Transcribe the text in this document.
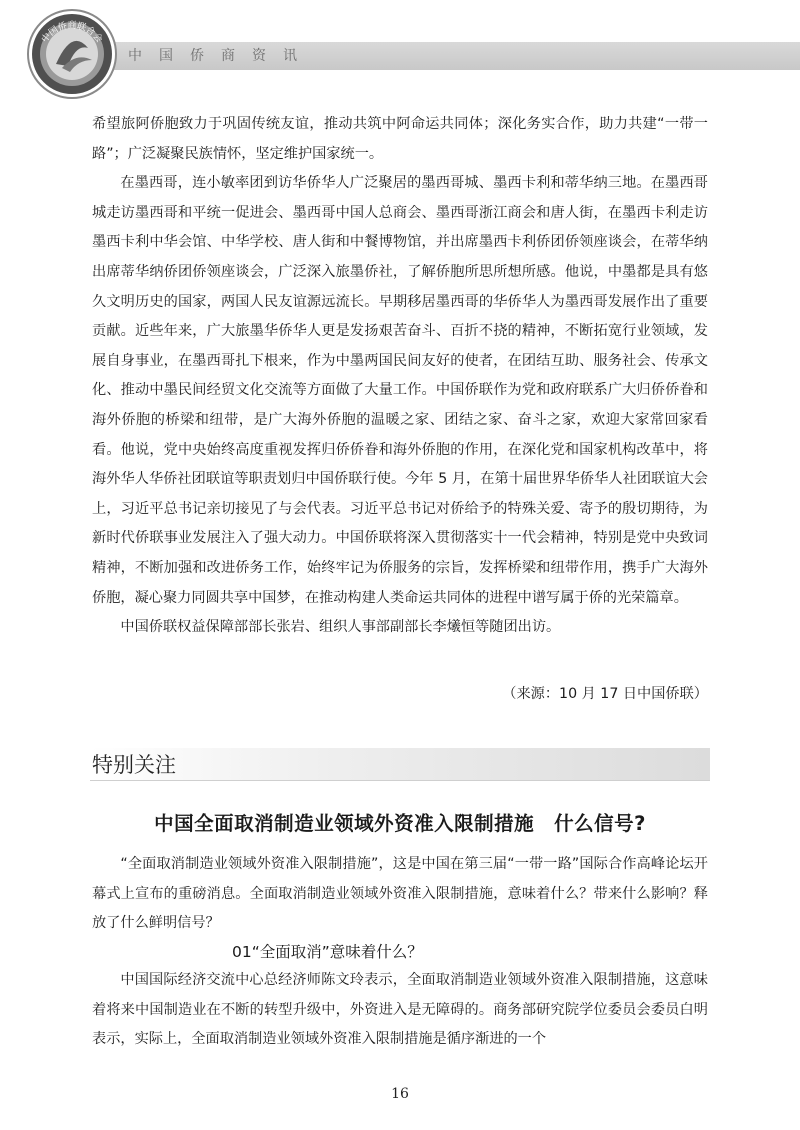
中国侨商资讯
中国侨商联合会

希望旅阿侨胞致力于巩固传统友谊，推动共筑中阿命运共同体；深化务实合作，助力共建“一带一路”；广泛凝聚民族情怀，坚定维护国家统一。

在墨西哥，连小敏率团到访华侨华人广泛聚居的墨西哥城、墨西卡利和蒂华纳三地。在墨西哥城走访墨西哥和平统一促进会、墨西哥中国人总商会、墨西哥浙江商会和唐人街，在墨西卡利走访墨西卡利中华会馆、中华学校、唐人街和中餐博物馆，并出席墨西卡利侨团侨领座谈会，在蒂华纳出席蒂华纳侨团侨领座谈会，广泛深入旅墨侨社，了解侨胞所思所想所感。他说，中墨都是具有悠久文明历史的国家，两国人民友谊源远流长。早期移居墨西哥的华侨华人为墨西哥发展作出了重要贡献。近些年来，广大旅墨华侨华人更是发扬艰苦奋斗、百折不挠的精神，不断拓宽行业领域，发展自身事业，在墨西哥扎下根来，作为中墨两国民间友好的使者，在团结互助、服务社会、传承文化、推动中墨民间经贸文化交流等方面做了大量工作。中国侨联作为党和政府联系广大归侨侨眷和海外侨胞的桥梁和纽带，是广大海外侨胞的温暖之家、团结之家、奋斗之家，欢迎大家常回家看看。他说，党中央始终高度重视发挥归侨侨眷和海外侨胞的作用，在深化党和国家机构改革中，将海外华人华侨社团联谊等职责划归中国侨联行使。今年 5 月，在第十届世界华侨华人社团联谊大会上，习近平总书记亲切接见了与会代表。习近平总书记对侨给予的特殊关爱、寄予的殷切期待，为新时代侨联事业发展注入了强大动力。中国侨联将深入贯彻落实十一代会精神，特别是党中央致词精神，不断加强和改进侨务工作，始终牢记为侨服务的宗旨，发挥桥梁和纽带作用，携手广大海外侨胞，凝心聚力同圆共享中国梦，在推动构建人类命运共同体的进程中谱写属于侨的光荣篇章。

中国侨联权益保障部部长张岩、组织人事部副部长李爔恒等随团出访。

（来源：10 月 17 日中国侨联）
特别关注
中国全面取消制造业领域外资准入限制措施　什么信号?

“全面取消制造业领域外资准入限制措施”，这是中国在第三届“一带一路”国际合作高峰论坛开幕式上宣布的重磅消息。全面取消制造业领域外资准入限制措施，意味着什么？带来什么影响？释放了什么鲜明信号？

01“全面取消”意味着什么？

中国国际经济交流中心总经济师陈文玲表示，全面取消制造业领域外资准入限制措施，这意味着将来中国制造业在不断的转型升级中，外资进入是无障碍的。商务部研究院学位委员会委员白明表示，实际上，全面取消制造业领域外资准入限制措施是循序渐进的一个

16
